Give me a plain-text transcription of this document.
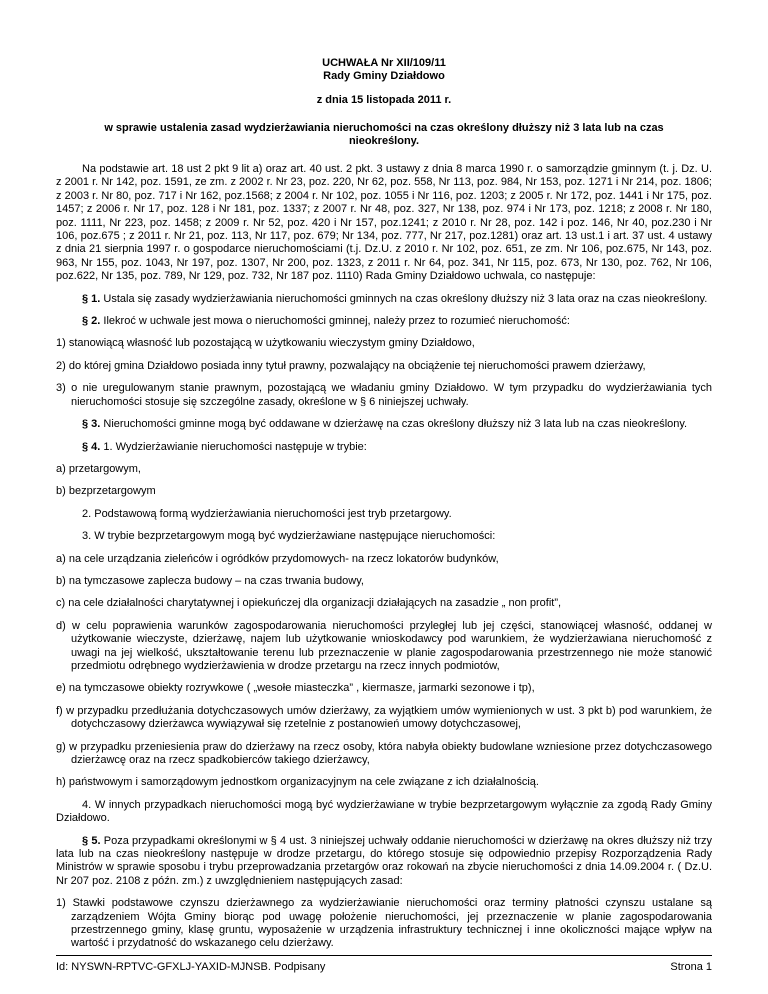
UCHWAŁA Nr XII/109/11
Rady Gminy Działdowo
z dnia 15 listopada 2011 r.
w sprawie ustalenia zasad wydzierżawiania nieruchomości na czas określony dłuższy niż 3 lata lub na czas nieokreślony.

Na podstawie art. 18 ust 2 pkt 9 lit a) oraz art. 40 ust. 2 pkt. 3 ustawy z dnia 8 marca 1990 r. o samorządzie gminnym (t. j. Dz. U. z 2001 r. Nr 142, poz. 1591, ze zm. z 2002 r. Nr 23, poz. 220, Nr 62, poz. 558, Nr 113, poz. 984, Nr 153, poz. 1271 i Nr 214, poz. 1806; z 2003 r. Nr 80, poz. 717 i Nr 162, poz.1568; z 2004 r. Nr 102, poz. 1055 i Nr 116, poz. 1203; z 2005 r. Nr 172, poz. 1441 i Nr 175, poz. 1457; z 2006 r. Nr 17, poz. 128 i Nr 181, poz. 1337; z 2007 r. Nr 48, poz. 327, Nr 138, poz. 974 i Nr 173, poz. 1218; z 2008 r. Nr 180, poz. 1111, Nr 223, poz. 1458; z 2009 r. Nr 52, poz. 420 i Nr 157, poz.1241; z 2010 r. Nr 28, poz. 142 i poz. 146, Nr 40, poz.230 i Nr 106, poz.675 ; z 2011 r. Nr 21, poz. 113, Nr 117, poz. 679; Nr 134, poz. 777, Nr 217, poz.1281) oraz art. 13 ust.1 i art. 37 ust. 4 ustawy z dnia 21 sierpnia 1997 r. o gospodarce nieruchomościami (t.j. Dz.U. z 2010 r. Nr 102, poz. 651, ze zm. Nr 106, poz.675, Nr 143, poz. 963, Nr 155, poz. 1043, Nr 197, poz. 1307, Nr 200, poz. 1323, z 2011 r. Nr 64, poz. 341, Nr 115, poz. 673, Nr 130, poz. 762, Nr 106, poz.622, Nr 135, poz. 789, Nr 129, poz. 732, Nr 187 poz. 1110) Rada Gminy Działdowo uchwala, co następuje:

§ 1. Ustala się zasady wydzierżawiania nieruchomości gminnych na czas określony dłuższy niż 3 lata oraz na czas nieokreślony.

§ 2. Ilekroć w uchwale jest mowa o nieruchomości gminnej, należy przez to rozumieć nieruchomość:

1) stanowiącą własność lub pozostającą w użytkowaniu wieczystym gminy Działdowo,

2) do której gmina Działdowo posiada inny tytuł prawny, pozwalający na obciążenie tej nieruchomości prawem dzierżawy,

3) o nie uregulowanym stanie prawnym, pozostającą we władaniu gminy Działdowo. W tym przypadku do wydzierżawiania tych nieruchomości stosuje się szczególne zasady, określone w § 6 niniejszej uchwały.

§ 3. Nieruchomości gminne mogą być oddawane w dzierżawę na czas określony dłuższy niż 3 lata lub na czas nieokreślony.

§ 4. 1. Wydzierżawianie nieruchomości następuje w trybie:

a) przetargowym,

b) bezprzetargowym

2. Podstawową formą wydzierżawiania nieruchomości jest tryb przetargowy.

3. W trybie bezprzetargowym mogą być wydzierżawiane następujące nieruchomości:

a) na cele urządzania zieleńców i ogródków przydomowych- na rzecz lokatorów budynków,

b) na tymczasowe zaplecza budowy – na czas trwania budowy,

c) na cele działalności charytatywnej i opiekuńczej dla organizacji działających na zasadzie „ non profit”,

d) w celu poprawienia warunków zagospodarowania nieruchomości przyległej lub jej części, stanowiącej własność, oddanej w użytkowanie wieczyste, dzierżawę, najem lub użytkowanie wnioskodawcy pod warunkiem, że wydzierżawiana nieruchomość z uwagi na jej wielkość, ukształtowanie terenu lub przeznaczenie w planie zagospodarowania przestrzennego nie może stanowić przedmiotu odrębnego wydzierżawienia w drodze przetargu na rzecz innych podmiotów,

e) na tymczasowe obiekty rozrywkowe ( „wesołe miasteczka” , kiermasze, jarmarki sezonowe i tp),

f) w przypadku przedłużania dotychczasowych umów dzierżawy, za wyjątkiem umów wymienionych w ust. 3 pkt b) pod warunkiem, że dotychczasowy dzierżawca wywiązywał się rzetelnie z postanowień umowy dotychczasowej,

g) w przypadku przeniesienia praw do dzierżawy na rzecz osoby, która nabyła obiekty budowlane wzniesione przez dotychczasowego dzierżawcę oraz na rzecz spadkobierców takiego dzierżawcy,

h) państwowym i samorządowym jednostkom organizacyjnym na cele związane z ich działalnością.

4. W innych przypadkach nieruchomości mogą być wydzierżawiane w trybie bezprzetargowym wyłącznie za zgodą Rady Gminy Działdowo.

§ 5. Poza przypadkami określonymi w § 4 ust. 3 niniejszej uchwały oddanie nieruchomości w dzierżawę na okres dłuższy niż trzy lata lub na czas nieokreślony następuje w drodze przetargu, do którego stosuje się odpowiednio przepisy Rozporządzenia Rady Ministrów w sprawie sposobu i trybu przeprowadzania przetargów oraz rokowań na zbycie nieruchomości z dnia 14.09.2004 r. ( Dz.U. Nr 207 poz. 2108 z późn. zm.) z uwzględnieniem następujących zasad:

1) Stawki podstawowe czynszu dzierżawnego za wydzierżawianie nieruchomości oraz terminy płatności czynszu ustalane są zarządzeniem Wójta Gminy biorąc pod uwagę położenie nieruchomości, jej przeznaczenie w planie zagospodarowania przestrzennego gminy, klasę gruntu, wyposażenie w urządzenia infrastruktury technicznej i inne okoliczności mające wpływ na wartość i przydatność do wskazanego celu dzierżawy.

Id: NYSWN-RPTVC-GFXLJ-YAXID-MJNSB. Podpisany	Strona 1
